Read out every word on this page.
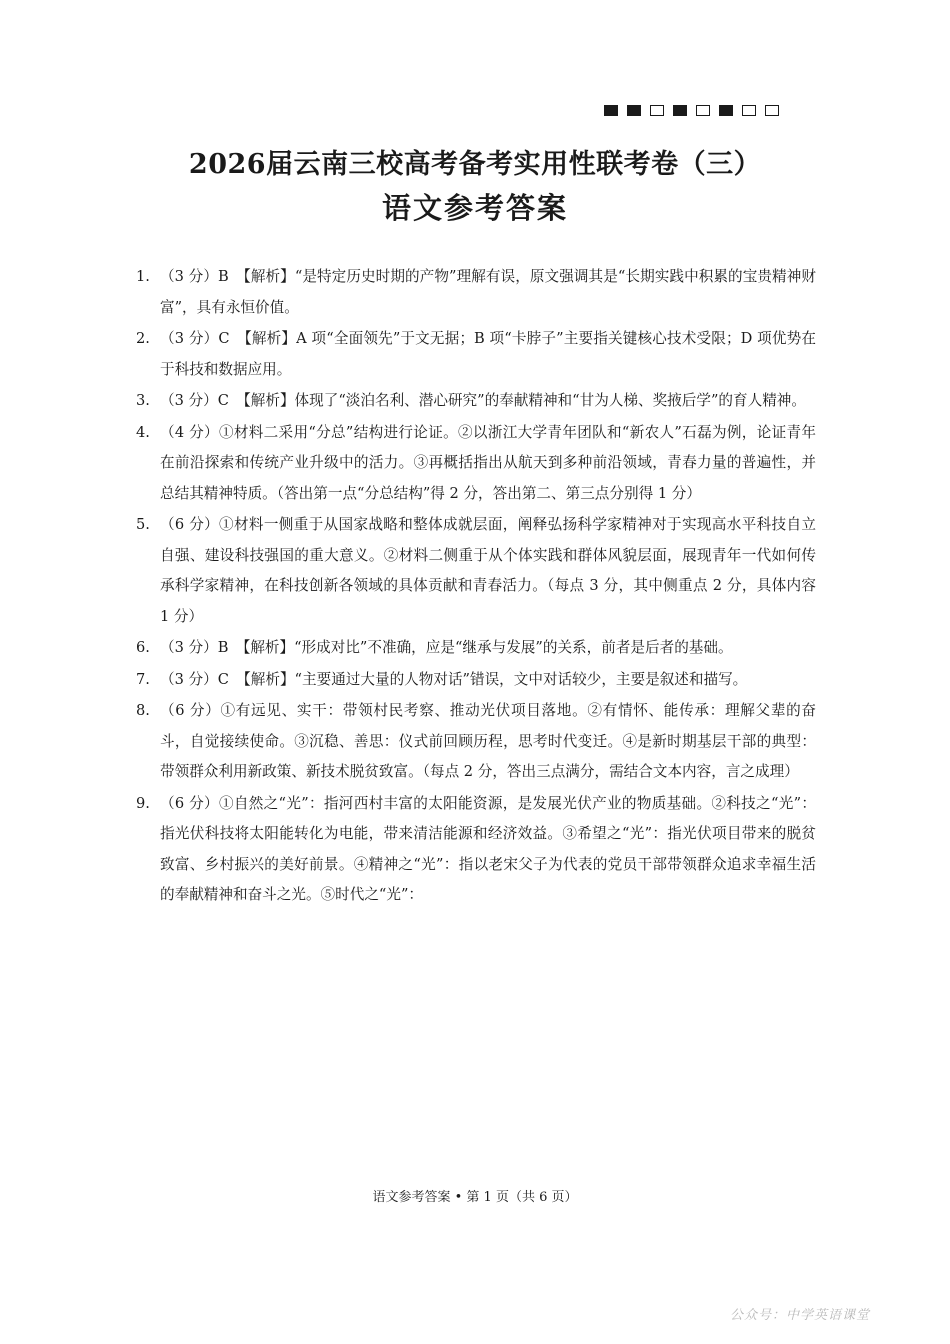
2026届云南三校高考备考实用性联考卷（三）
语文参考答案
1. （3 分）B　【解析】“是特定历史时期的产物”理解有误，原文强调其是“长期实践中积累的宝贵精神财富”，具有永恒价值。
2. （3 分）C　【解析】A 项“全面领先”于文无据；B 项“卡脖子”主要指关键核心技术受限；D 项优势在于科技和数据应用。
3. （3 分）C　【解析】体现了“淡泊名利、潜心研究”的奉献精神和“甘为人梯、奖掖后学”的育人精神。
4. （4 分）①材料二采用“分总”结构进行论证。②以浙江大学青年团队和“新农人”石磊为例，论证青年在前沿探索和传统产业升级中的活力。③再概括指出从航天到多种前沿领域，青春力量的普遍性，并总结其精神特质。（答出第一点“分总结构”得 2 分，答出第二、第三点分别得 1 分）
5. （6 分）①材料一侧重于从国家战略和整体成就层面，阐释弘扬科学家精神对于实现高水平科技自立自强、建设科技强国的重大意义。②材料二侧重于从个体实践和群体风貌层面，展现青年一代如何传承科学家精神，在科技创新各领域的具体贡献和青春活力。（每点 3 分，其中侧重点 2 分，具体内容 1 分）
6. （3 分）B　【解析】“形成对比”不准确，应是“继承与发展”的关系，前者是后者的基础。
7. （3 分）C　【解析】“主要通过大量的人物对话”错误，文中对话较少，主要是叙述和描写。
8. （6 分）①有远见、实干：带领村民考察、推动光伏项目落地。②有情怀、能传承：理解父辈的奋斗，自觉接续使命。③沉稳、善思：仪式前回顾历程，思考时代变迁。④是新时期基层干部的典型：带领群众利用新政策、新技术脱贫致富。（每点 2 分，答出三点满分，需结合文本内容，言之成理）
9. （6 分）①自然之“光”：指河西村丰富的太阳能资源，是发展光伏产业的物质基础。②科技之“光”：指光伏科技将太阳能转化为电能，带来清洁能源和经济效益。③希望之“光”：指光伏项目带来的脱贫致富、乡村振兴的美好前景。④精神之“光”：指以老宋父子为代表的党员干部带领群众追求幸福生活的奉献精神和奋斗之光。⑤时代之“光”：
语文参考答案 • 第 1 页（共 6 页）
公众号：中学英语课堂
